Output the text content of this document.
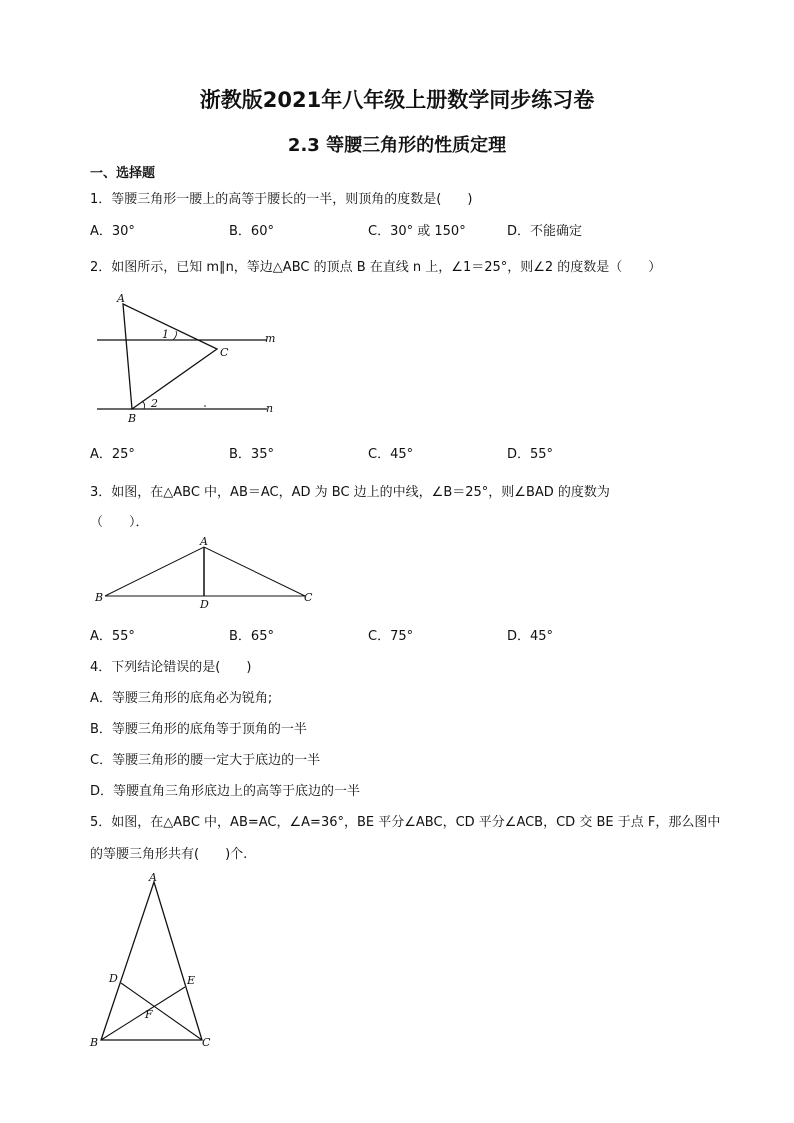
浙教版2021年八年级上册数学同步练习卷
2.3 等腰三角形的性质定理
一、选择题
1．等腰三角形一腰上的高等于腰长的一半，则顶角的度数是(　　)
A．30°	B．60°	C．30° 或 150°	D．不能确定
2．如图所示，已知 m∥n，等边△ABC 的顶点 B 在直线 n 上，∠1＝25°，则∠2 的度数是（　　）
A
B
C
m
n
1
2
A．25°	B．35°	C．45°	D．55°
3．如图，在△ABC 中，AB＝AC，AD 为 BC 边上的中线，∠B＝25°，则∠BAD 的度数为
（　　）．
A
B	C
D
A．55°	B．65°	C．75°	D．45°
4．下列结论错误的是(　　)
A．等腰三角形的底角必为锐角;
B．等腰三角形的底角等于顶角的一半
C．等腰三角形的腰一定大于底边的一半
D．等腰直角三角形底边上的高等于底边的一半
5．如图，在△ABC 中，AB=AC，∠A=36°，BE 平分∠ABC，CD 平分∠ACB，CD 交 BE 于点 F，那么图中
的等腰三角形共有(　　)个.
A
B	C
D	E
F
